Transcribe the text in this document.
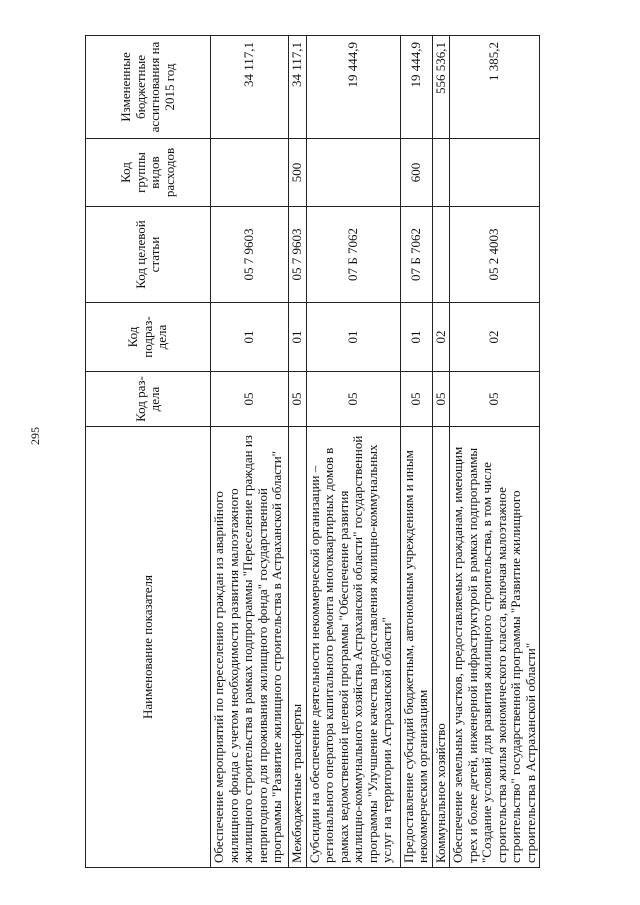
295
Наименование показателя	Код раз- дела	Код подраз- дела	Код целевой статьи	Код группы видов расходов	Измененные бюджетные ассигнования на 2015 год
Обеспечение мероприятий по переселению граждан из аварийного жилищного фонда с учетом необходимости развития малоэтажного жилищного строительства в рамках подпрограммы "Переселение граждан из непригодного для проживания жилищного фонда" государственной программы "Развитие жилищного строительства в Астраханской области"	05	01	05 7 9603		34 117,1
Межбюджетные трансферты	05	01	05 7 9603	500	34 117,1
Субсидии на обеспечение деятельности некоммерческой организации – регионального оператора капитального ремонта многоквартирных домов в рамках ведомственной целевой программы "Обеспечение развития жилищно-коммунального хозяйства Астраханской области" государственной программы "Улучшение качества предоставления жилищно-коммунальных услуг на территории Астраханской области"	05	01	07 Б 7062		19 444,9
Предоставление субсидий бюджетным, автономным учреждениям и иным некоммерческим организациям	05	01	07 Б 7062	600	19 444,9
Коммунальное хозяйство	05	02			556 536,1
Обеспечение земельных участков, предоставляемых гражданам, имеющим трех и более детей, инженерной инфраструктурой в рамках подпрограммы "Создание условий для развития жилищного строительства, в том числе строительства жилья экономического класса, включая малоэтажное строительство" государственной программы "Развитие жилищного строительства в Астраханской области"	05	02	05 2 4003		1 385,2
